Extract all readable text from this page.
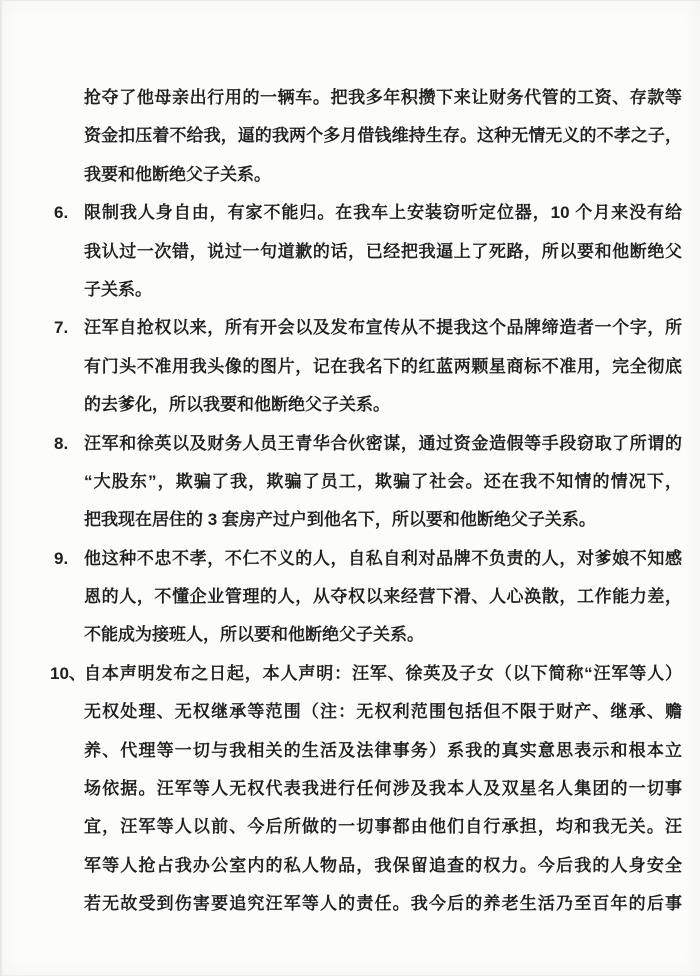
抢夺了他母亲出行用的一辆车。把我多年积攒下来让财务代管的工资、存款等
资金扣压着不给我，逼的我两个多月借钱维持生存。这种无情无义的不孝之子，
我要和他断绝父子关系。
6. 限制我人身自由，有家不能归。在我车上安装窃听定位器，10 个月来没有给
我认过一次错，说过一句道歉的话，已经把我逼上了死路，所以要和他断绝父
子关系。
7. 汪军自抢权以来，所有开会以及发布宣传从不提我这个品牌缔造者一个字，所
有门头不准用我头像的图片，记在我名下的红蓝两颗星商标不准用，完全彻底
的去爹化，所以我要和他断绝父子关系。
8. 汪军和徐英以及财务人员王青华合伙密谋，通过资金造假等手段窃取了所谓的
“大股东”，欺骗了我，欺骗了员工，欺骗了社会。还在我不知情的情况下，
把我现在居住的 3 套房产过户到他名下，所以要和他断绝父子关系。
9. 他这种不忠不孝，不仁不义的人，自私自利对品牌不负责的人，对爹娘不知感
恩的人，不懂企业管理的人，从夺权以来经营下滑、人心涣散，工作能力差，
不能成为接班人，所以要和他断绝父子关系。
10、
自本声明发布之日起，本人声明：汪军、徐英及子女（以下简称“汪军等人）
无权处理、无权继承等范围（注：无权利范围包括但不限于财产、继承、赡
养、代理等一切与我相关的生活及法律事务）系我的真实意思表示和根本立
场依据。汪军等人无权代表我进行任何涉及我本人及双星名人集团的一切事
宜，汪军等人以前、今后所做的一切事都由他们自行承担，均和我无关。汪
军等人抢占我办公室内的私人物品，我保留追查的权力。今后我的人身安全
若无故受到伤害要追究汪军等人的责任。我今后的养老生活乃至百年的后事
